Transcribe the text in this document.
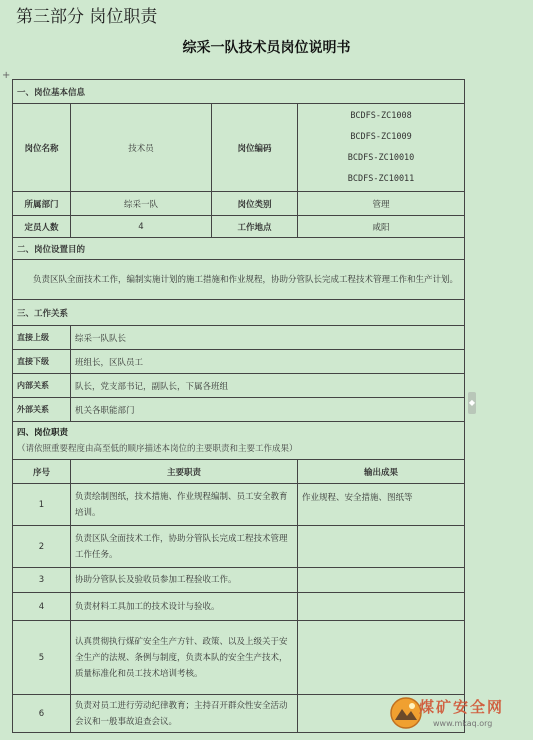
第三部分 岗位职责
综采一队技术员岗位说明书
+
◆
一、岗位基本信息			
岗位名称	技术员	岗位编码	BCDFS-ZC1008
BCDFS-ZC1009
BCDFS-ZC10010
BCDFS-ZC10011

所属部门	综采一队	岗位类别	管理
定员人数	4	工作地点	咸阳
二、岗位设置目的			
负责区队全面技术工作，编制实施计划的施工措施和作业规程，协助分管队长完成工程技术管理工作和生产计划。			
三、工作关系			
直接上级	综采一队队长		
直接下级	班组长，区队员工		
内部关系	队长，党支部书记，副队长，下属各班组		
外部关系	机关各职能部门		

四、岗位职责
（请依照重要程度由高至低的顺序描述本岗位的主要职责和主要工作成果）			

序号	主要职责		输出成果
1	负责绘制图纸，技术措施、作业规程编制、员工安全教育培训。		作业规程、安全措施、图纸等
2	负责区队全面技术工作，协助分管队长完成工程技术管理工作任务。		
3	协助分管队长及验收员参加工程验收工作。		
4	负责材料工具加工的技术设计与验收。		
5	认真贯彻执行煤矿安全生产方针、政策、以及上级关于安全生产的法规、条例与制度，负责本队的安全生产技术，质量标准化和员工技术培训考核。		
6	负责对员工进行劳动纪律教育；主持召开群众性安全活动会议和一般事故追查会议。		
煤矿安全网
www.mkaq.org
